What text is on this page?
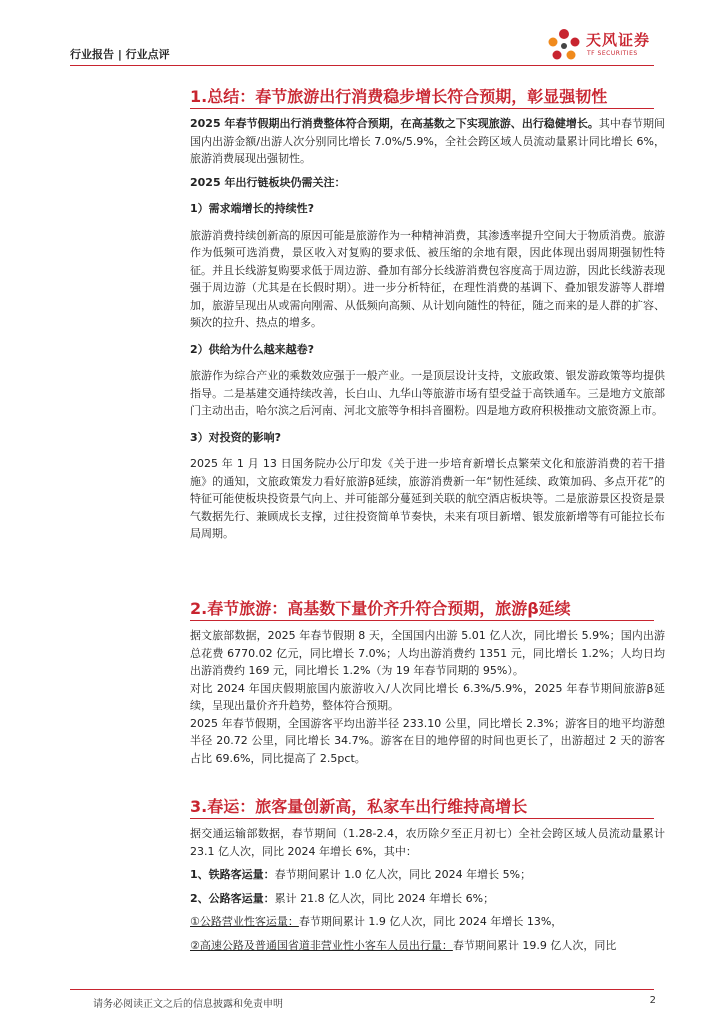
行业报告 | 行业点评
天风证券
TF SECURITIES
1.总结：春节旅游出行消费稳步增长符合预期，彰显强韧性
2025 年春节假期出行消费整体符合预期，在高基数之下实现旅游、出行稳健增长。其中春节期间国内出游金额/出游人次分别同比增长 7.0%/5.9%，全社会跨区域人员流动量累计同比增长 6%，旅游消费展现出强韧性。
2025 年出行链板块仍需关注：
1）需求端增长的持续性?
旅游消费持续创新高的原因可能是旅游作为一种精神消费，其渗透率提升空间大于物质消费。旅游作为低频可选消费，景区收入对复购的要求低、被压缩的余地有限，因此体现出弱周期强韧性特征。并且长线游复购要求低于周边游、叠加有部分长线游消费包容度高于周边游，因此长线游表现强于周边游（尤其是在长假时期）。进一步分析特征，在理性消费的基调下、叠加银发游等人群增加，旅游呈现出从或需向刚需、从低频向高频、从计划向随性的特征，随之而来的是人群的扩容、频次的拉升、热点的增多。
2）供给为什么越来越卷?
旅游作为综合产业的乘数效应强于一般产业。一是顶层设计支持，文旅政策、银发游政策等均提供指导。二是基建交通持续改善，长白山、九华山等旅游市场有望受益于高铁通车。三是地方文旅部门主动出击，哈尔滨之后河南、河北文旅等争相抖音圈粉。四是地方政府积极推动文旅资源上市。
3）对投资的影响?
2025 年 1 月 13 日国务院办公厅印发《关于进一步培育新增长点繁荣文化和旅游消费的若干措施》的通知，文旅政策发力看好旅游β延续，旅游消费新一年“韧性延续、政策加码、多点开花”的特征可能使板块投资景气向上、并可能部分蔓延到关联的航空酒店板块等。二是旅游景区投资是景气数据先行、兼顾成长支撑，过往投资简单节奏快，未来有项目新增、银发旅新增等有可能拉长布局周期。
2.春节旅游：高基数下量价齐升符合预期，旅游β延续
据文旅部数据，2025 年春节假期 8 天，全国国内出游 5.01 亿人次，同比增长 5.9%；国内出游总花费 6770.02 亿元，同比增长 7.0%；人均出游消费约 1351 元，同比增长 1.2%；人均日均出游消费约 169 元，同比增长 1.2%（为 19 年春节同期的 95%）。
对比 2024 年国庆假期旅国内旅游收入/人次同比增长 6.3%/5.9%，2025 年春节期间旅游β延续，呈现出量价齐升趋势，整体符合预期。
2025 年春节假期，全国游客平均出游半径 233.10 公里，同比增长 2.3%；游客目的地平均游憩半径 20.72 公里，同比增长 34.7%。游客在目的地停留的时间也更长了，出游超过 2 天的游客占比 69.6%，同比提高了 2.5pct。
3.春运：旅客量创新高，私家车出行维持高增长
据交通运输部数据，春节期间（1.28-2.4，农历除夕至正月初七）全社会跨区域人员流动量累计 23.1 亿人次，同比 2024 年增长 6%，其中：
1、铁路客运量：春节期间累计 1.0 亿人次，同比 2024 年增长 5%；
2、公路客运量：累计 21.8 亿人次，同比 2024 年增长 6%；
①公路营业性客运量：春节期间累计 1.9 亿人次，同比 2024 年增长 13%，
②高速公路及普通国省道非营业性小客车人员出行量：春节期间累计 19.9 亿人次，同比
请务必阅读正文之后的信息披露和免责申明	2
